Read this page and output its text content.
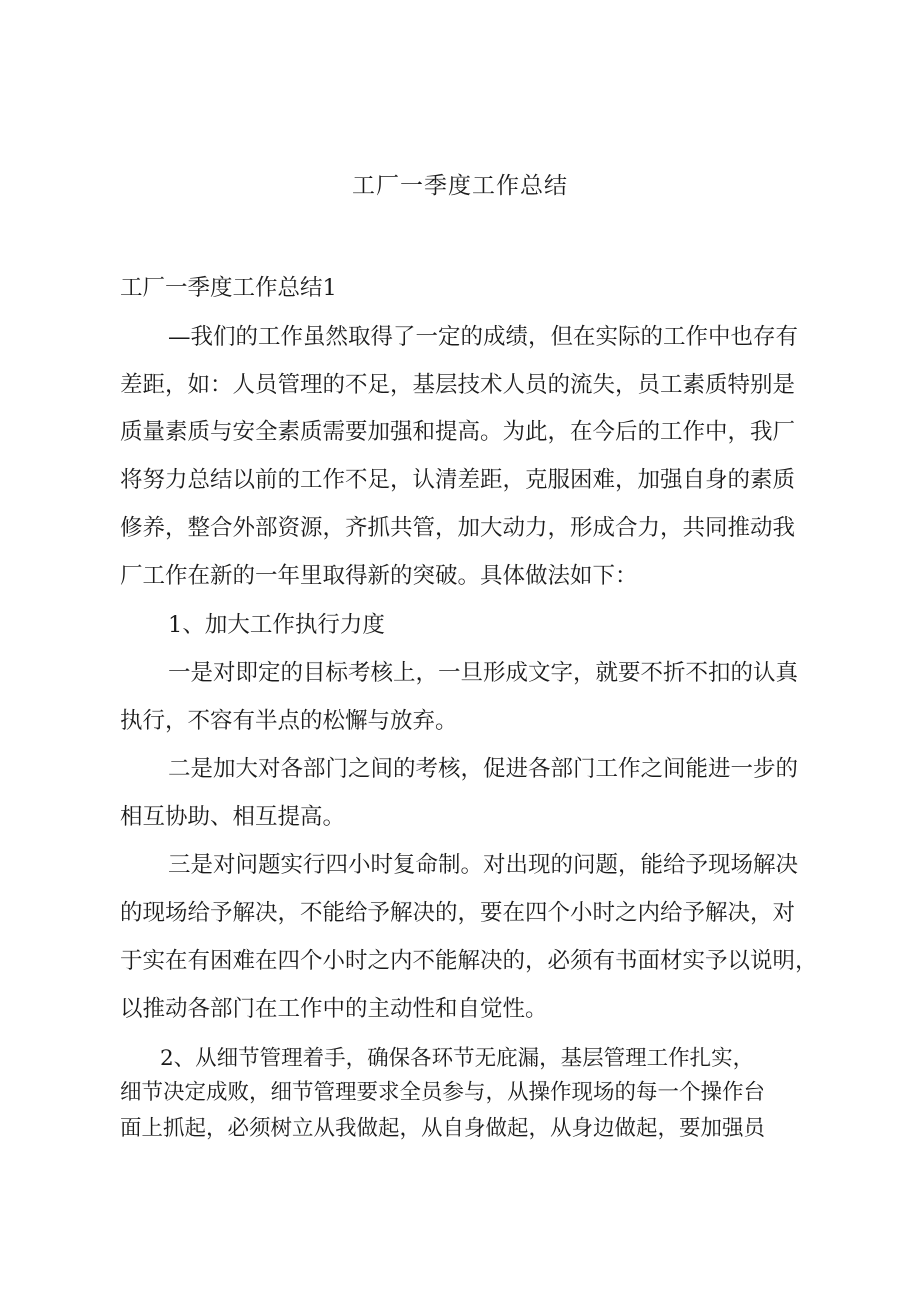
工厂一季度工作总结
工厂一季度工作总结1
—我们的工作虽然取得了一定的成绩，但在实际的工作中也存有
差距，如：人员管理的不足，基层技术人员的流失，员工素质特别是
质量素质与安全素质需要加强和提高。为此，在今后的工作中，我厂
将努力总结以前的工作不足，认清差距，克服困难，加强自身的素质
修养，整合外部资源，齐抓共管，加大动力，形成合力，共同推动我
厂工作在新的一年里取得新的突破。具体做法如下：
1、加大工作执行力度
一是对即定的目标考核上，一旦形成文字，就要不折不扣的认真
执行，不容有半点的松懈与放弃。
二是加大对各部门之间的考核，促进各部门工作之间能进一步的
相互协助、相互提高。
三是对问题实行四小时复命制。对出现的问题，能给予现场解决
的现场给予解决，不能给予解决的，要在四个小时之内给予解决，对
于实在有困难在四个小时之内不能解决的，必须有书面材实予以说明，
以推动各部门在工作中的主动性和自觉性。
2、从细节管理着手，确保各环节无庇漏，基层管理工作扎实，
细节决定成败，细节管理要求全员参与，从操作现场的每一个操作台
面上抓起，必须树立从我做起，从自身做起，从身边做起，要加强员
